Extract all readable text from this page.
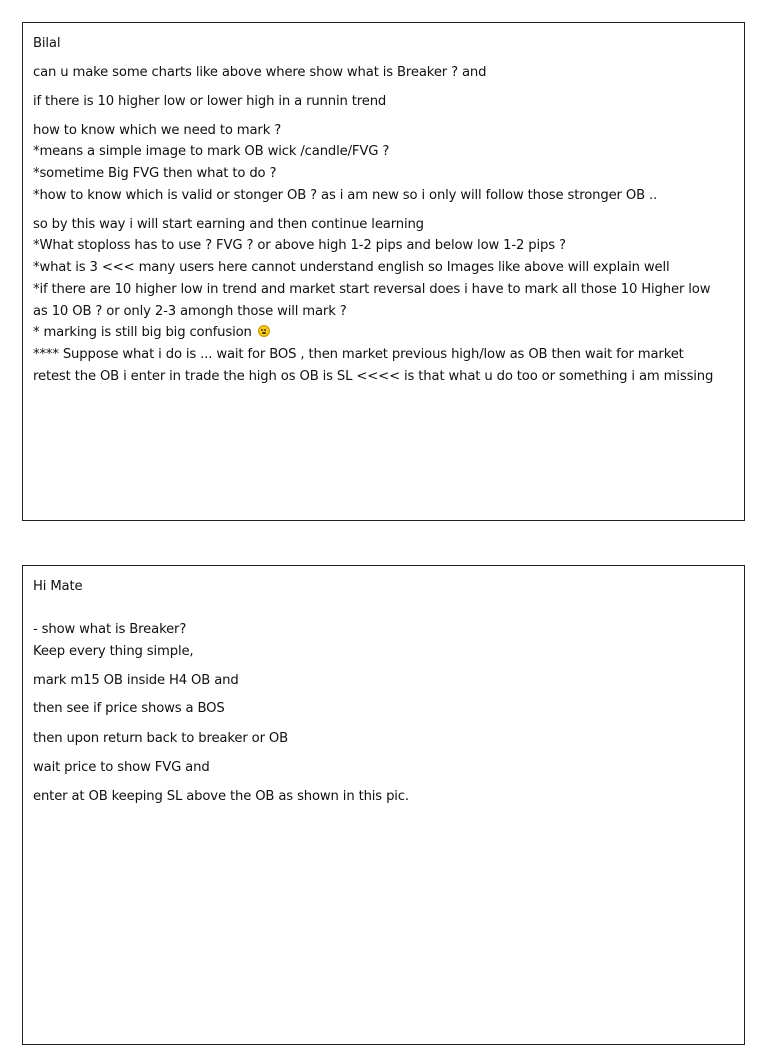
Bilal
can u make some charts like above where show what is Breaker ? and
if there is 10 higher low or lower high in a runnin trend
how to know which we need to mark ?
*means a simple image to mark OB wick /candle/FVG ?
*sometime Big FVG then what to do ?
*how to know which is valid or stonger OB ? as i am new so i only will follow those stronger OB ..
so by this way i will start earning and then continue learning
*What stoploss has to use ? FVG ? or above high 1-2 pips and below low 1-2 pips ?
*what is 3 <<< many users here cannot understand english so Images like above will explain well
*if there are 10 higher low in trend and market start reversal does i have to mark all those 10 Higher low
as 10 OB ? or only 2-3 amongh those will mark ?
* marking is still big big confusion
**** Suppose what i do is ... wait for BOS , then market previous high/low as OB then wait for market
retest the OB i enter in trade the high os OB is SL <<<< is that what u do too or something i am missing
Hi Mate
- show what is Breaker?
Keep every thing simple,
mark m15 OB inside H4 OB and
then see if price shows a BOS
then upon return back to breaker or OB
wait price to show FVG and
enter at OB keeping SL above the OB as shown in this pic.
